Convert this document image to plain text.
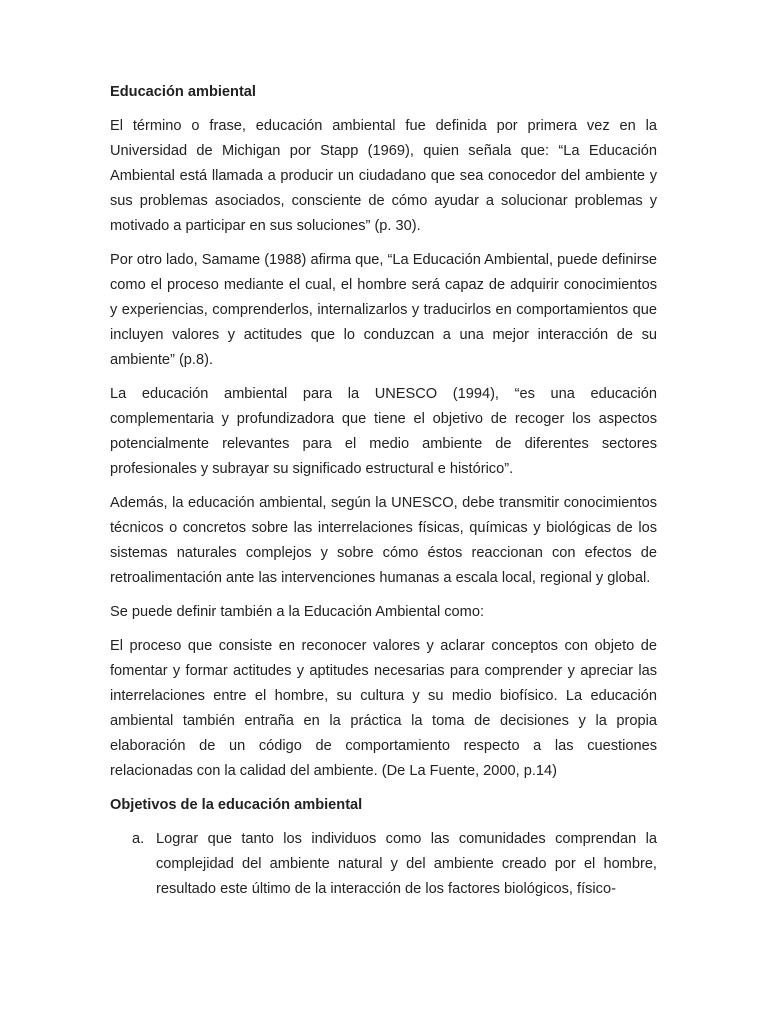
Educación ambiental

El término o frase, educación ambiental fue definida por primera vez en la Universidad de Michigan por Stapp (1969), quien señala que: “La Educación Ambiental está llamada a producir un ciudadano que sea conocedor del ambiente y sus problemas asociados, consciente de cómo ayudar a solucionar problemas y motivado a participar en sus soluciones” (p. 30).

Por otro lado, Samame (1988) afirma que, “La Educación Ambiental, puede definirse como el proceso mediante el cual, el hombre será capaz de adquirir conocimientos y experiencias, comprenderlos, internalizarlos y traducirlos en comportamientos que incluyen valores y actitudes que lo conduzcan a una mejor interacción de su ambiente” (p.8).

La educación ambiental para la UNESCO (1994), “es una educación complementaria y profundizadora que tiene el objetivo de recoger los aspectos potencialmente relevantes para el medio ambiente de diferentes sectores profesionales y subrayar su significado estructural e histórico”.

Además, la educación ambiental, según la UNESCO, debe transmitir conocimientos técnicos o concretos sobre las interrelaciones físicas, químicas y biológicas de los sistemas naturales complejos y sobre cómo éstos reaccionan con efectos de retroalimentación ante las intervenciones humanas a escala local, regional y global.

Se puede definir también a la Educación Ambiental como:

El proceso que consiste en reconocer valores y aclarar conceptos con objeto de fomentar y formar actitudes y aptitudes necesarias para comprender y apreciar las interrelaciones entre el hombre, su cultura y su medio biofísico. La educación ambiental también entraña en la práctica la toma de decisiones y la propia elaboración de un código de comportamiento respecto a las cuestiones relacionadas con la calidad del ambiente. (De La Fuente, 2000, p.14)

Objetivos de la educación ambiental
a. Lograr que tanto los individuos como las comunidades comprendan la complejidad del ambiente natural y del ambiente creado por el hombre, resultado este último de la interacción de los factores biológicos, físico-
